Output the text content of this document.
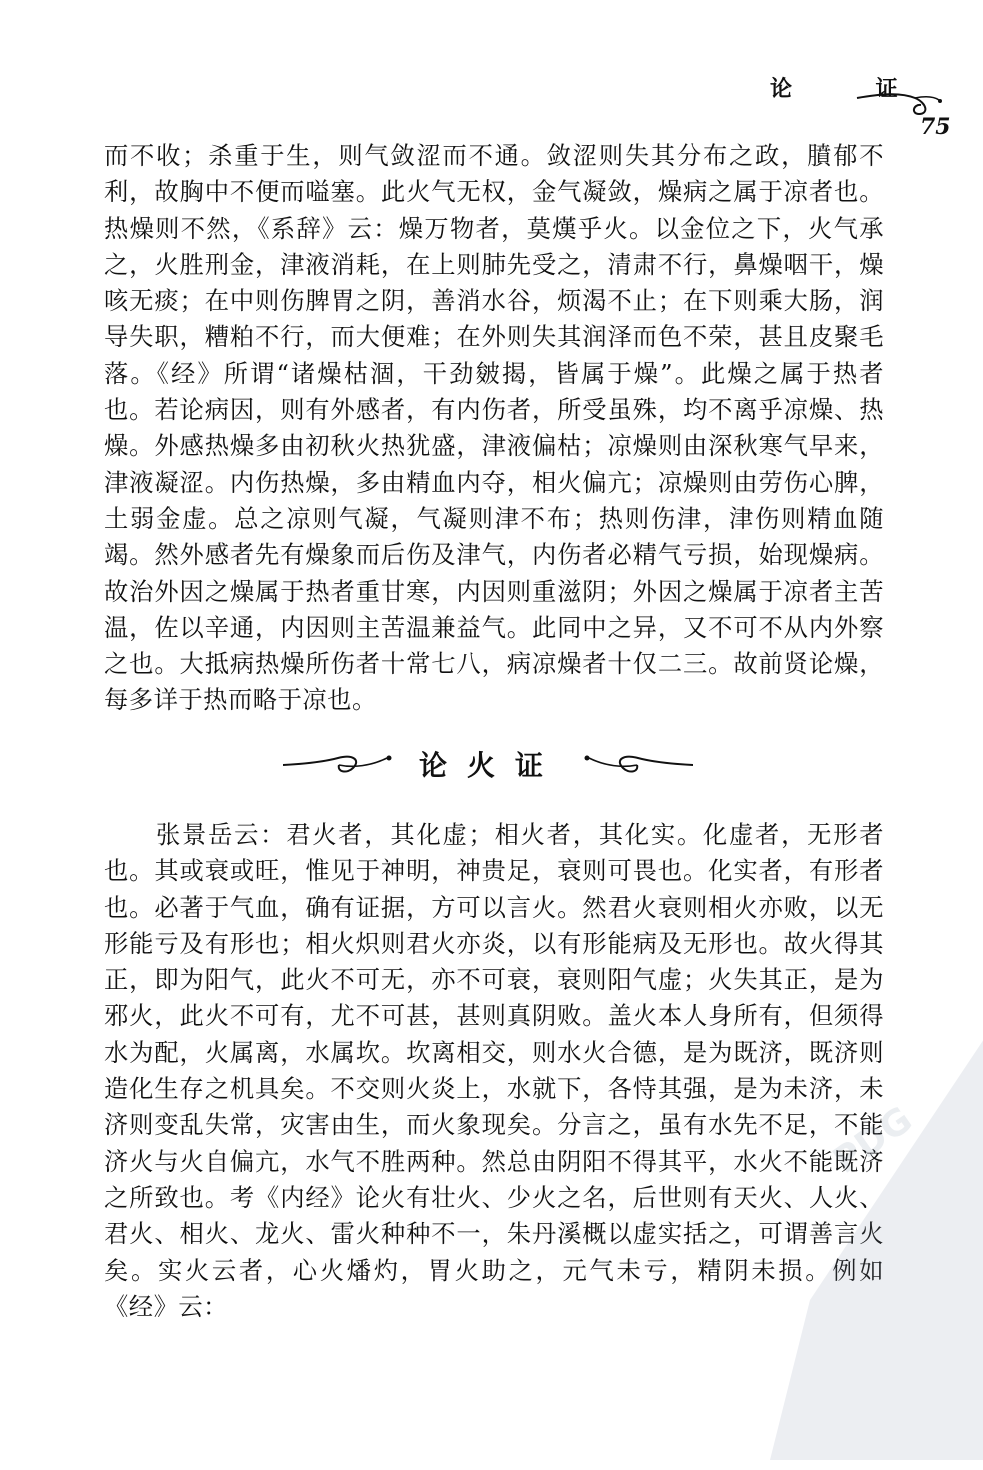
论 证
75

而不收；杀重于生，则气敛涩而不通。敛涩则失其分布之政，膹郁不利，故胸中不便而嗌塞。此火气无权，金气凝敛，燥病之属于凉者也。热燥则不然，《系辞》云：燥万物者，莫熯乎火。以金位之下，火气承之，火胜刑金，津液消耗，在上则肺先受之，清肃不行，鼻燥咽干，燥咳无痰；在中则伤脾胃之阴，善消水谷，烦渴不止；在下则乘大肠，润导失职，糟粕不行，而大便难；在外则失其润泽而色不荣，甚且皮聚毛落。《经》所谓“诸燥枯涸，干劲皴揭，皆属于燥”。此燥之属于热者也。若论病因，则有外感者，有内伤者，所受虽殊，均不离乎凉燥、热燥。外感热燥多由初秋火热犹盛，津液偏枯；凉燥则由深秋寒气早来，津液凝涩。内伤热燥，多由精血内夺，相火偏亢；凉燥则由劳伤心脾，土弱金虚。总之凉则气凝，气凝则津不布；热则伤津，津伤则精血随竭。然外感者先有燥象而后伤及津气，内伤者必精气亏损，始现燥病。故治外因之燥属于热者重甘寒，内因则重滋阴；外因之燥属于凉者主苦温，佐以辛通，内因则主苦温兼益气。此同中之异，又不可不从内外察之也。大抵病热燥所伤者十常七八，病凉燥者十仅二三。故前贤论燥，每多详于热而略于凉也。

论火证

张景岳云：君火者，其化虚；相火者，其化实。化虚者，无形者也。其或衰或旺，惟见于神明，神贵足，衰则可畏也。化实者，有形者也。必著于气血，确有证据，方可以言火。然君火衰则相火亦败，以无形能亏及有形也；相火炽则君火亦炎，以有形能病及无形也。故火得其正，即为阳气，此火不可无，亦不可衰，衰则阳气虚；火失其正，是为邪火，此火不可有，尤不可甚，甚则真阴败。盖火本人身所有，但须得水为配，火属离，水属坎。坎离相交，则水火合德，是为既济，既济则造化生存之机具矣。不交则火炎上，水就下，各恃其强，是为未济，未济则变乱失常，灾害由生，而火象现矣。分言之，虽有水先不足，不能济火与火自偏亢，水气不胜两种。然总由阴阳不得其平，水火不能既济之所致也。考《内经》论火有壮火、少火之名，后世则有天火、人火、君火、相火、龙火、雷火种种不一，朱丹溪概以虚实括之，可谓善言火矣。实火云者，心火燔灼，胃火助之，元气未亏，精阴未损。例如《经》云：

PDG
